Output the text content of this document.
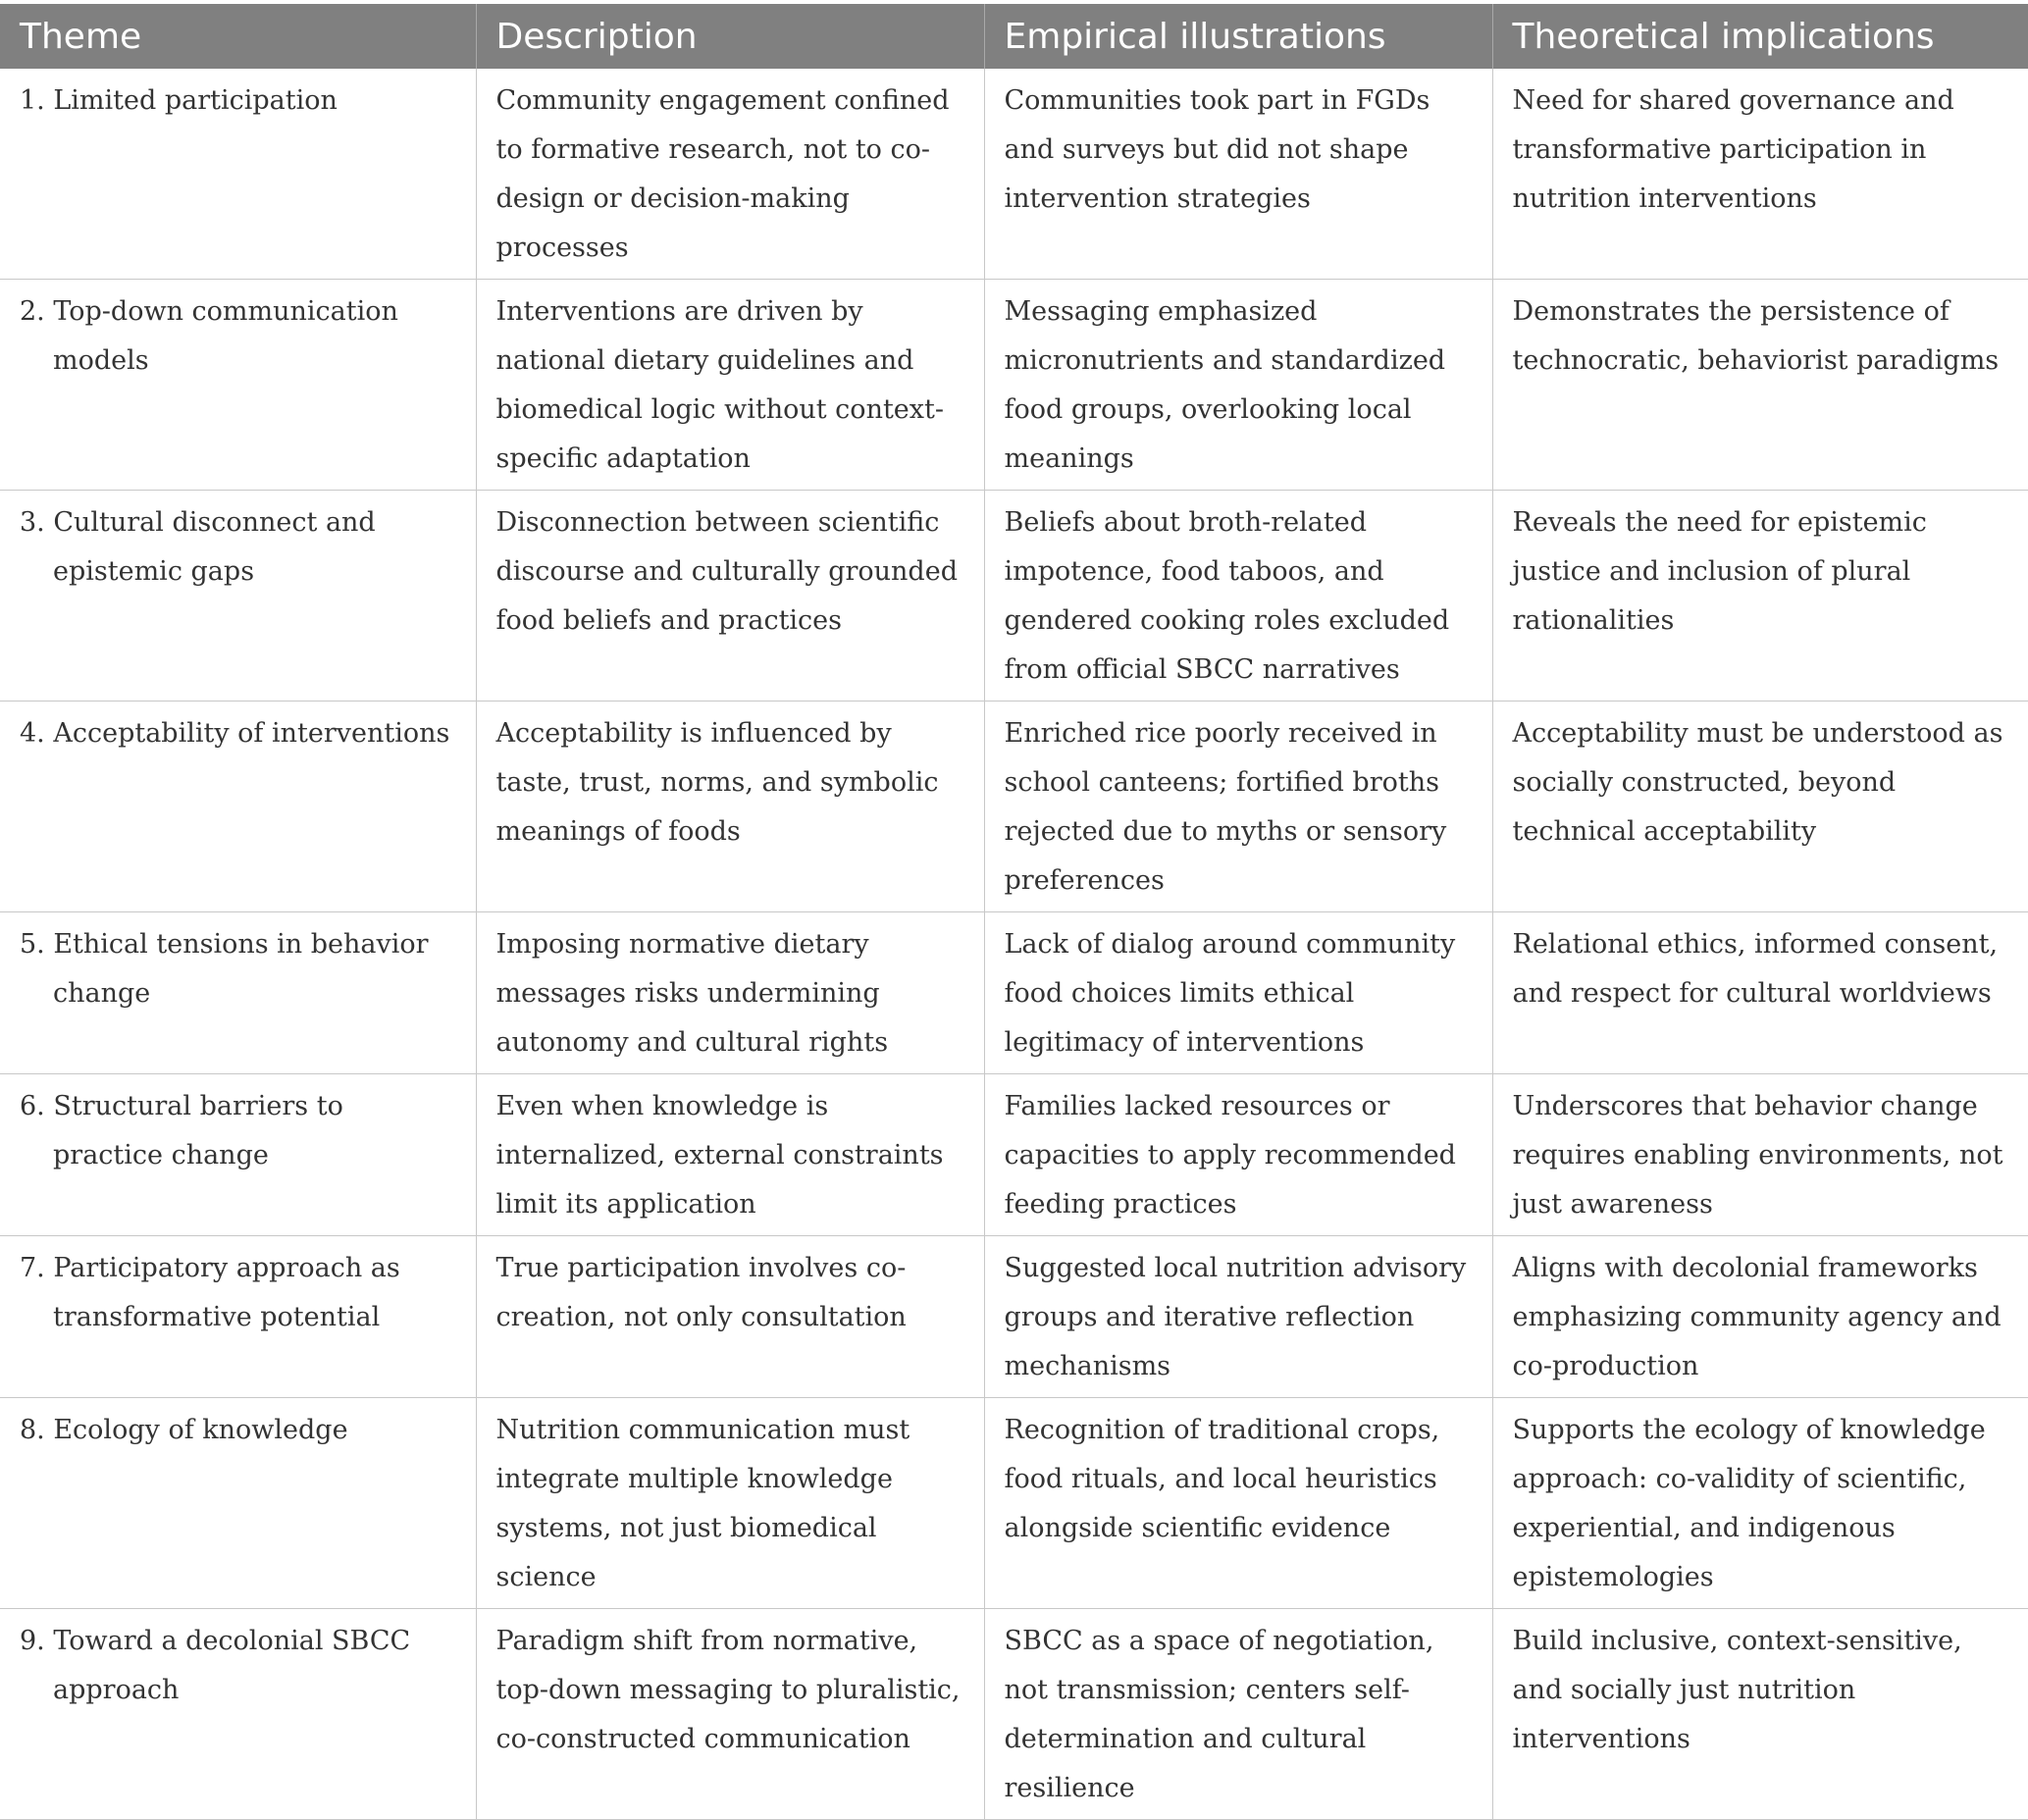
Theme	Description	Empirical illustrations	Theoretical implications
1. Limited participation	Community engagement confined to formative research, not to co-design or decision-making processes	Communities took part in FGDs and surveys but did not shape intervention strategies	Need for shared governance and transformative participation in nutrition interventions
2. Top-down communication models	Interventions are driven by national dietary guidelines and biomedical logic without context-specific adaptation	Messaging emphasized micronutrients and standardized food groups, overlooking local meanings	Demonstrates the persistence of technocratic, behaviorist paradigms
3. Cultural disconnect and epistemic gaps	Disconnection between scientific discourse and culturally grounded food beliefs and practices	Beliefs about broth-related impotence, food taboos, and gendered cooking roles excluded from official SBCC narratives	Reveals the need for epistemic justice and inclusion of plural rationalities
4. Acceptability of interventions	Acceptability is influenced by taste, trust, norms, and symbolic meanings of foods	Enriched rice poorly received in school canteens; fortified broths rejected due to myths or sensory preferences	Acceptability must be understood as socially constructed, beyond technical acceptability
5. Ethical tensions in behavior change	Imposing normative dietary messages risks undermining autonomy and cultural rights	Lack of dialog around community food choices limits ethical legitimacy of interventions	Relational ethics, informed consent, and respect for cultural worldviews
6. Structural barriers to practice change	Even when knowledge is internalized, external constraints limit its application	Families lacked resources or capacities to apply recommended feeding practices	Underscores that behavior change requires enabling environments, not just awareness
7. Participatory approach as transformative potential	True participation involves co-creation, not only consultation	Suggested local nutrition advisory groups and iterative reflection mechanisms	Aligns with decolonial frameworks emphasizing community agency and co-production
8. Ecology of knowledge	Nutrition communication must integrate multiple knowledge systems, not just biomedical science	Recognition of traditional crops, food rituals, and local heuristics alongside scientific evidence	Supports the ecology of knowledge approach: co-validity of scientific, experiential, and indigenous epistemologies
9. Toward a decolonial SBCC approach	Paradigm shift from normative, top-down messaging to pluralistic, co-constructed communication	SBCC as a space of negotiation, not transmission; centers self-determination and cultural resilience	Build inclusive, context-sensitive, and socially just nutrition interventions
